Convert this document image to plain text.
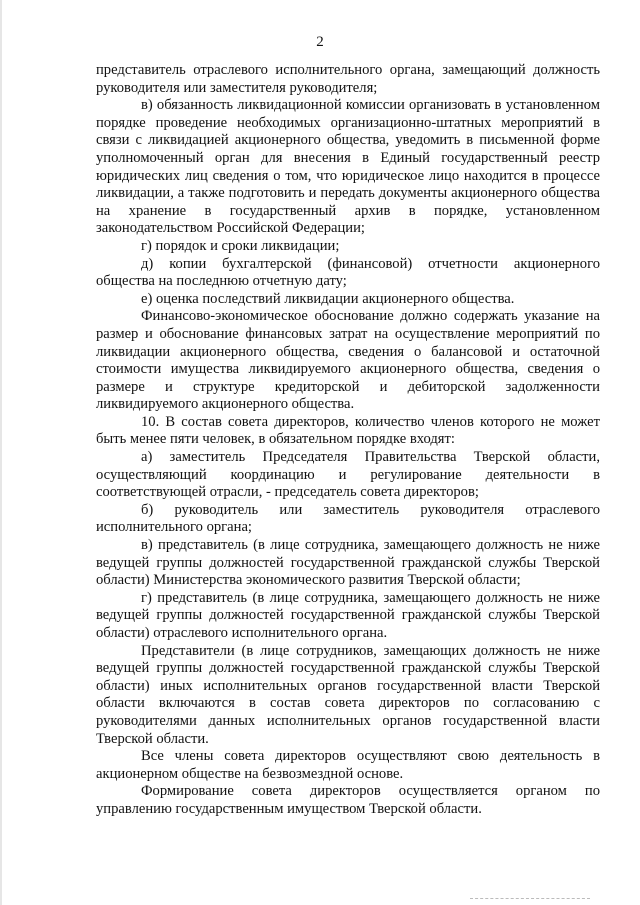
2

представитель отраслевого исполнительного органа, замещающий должность руководителя или заместителя руководителя;

в) обязанность ликвидационной комиссии организовать в установленном порядке проведение необходимых организационно-штатных мероприятий в связи с ликвидацией акционерного общества, уведомить в письменной форме уполномоченный орган для внесения в Единый государственный реестр юридических лиц сведения о том, что юридическое лицо находится в процессе ликвидации, а также подготовить и передать документы акционерного общества на хранение в государственный архив в порядке, установленном законодательством Российской Федерации;

г) порядок и сроки ликвидации;

д) копии бухгалтерской (финансовой) отчетности акционерного общества на последнюю отчетную дату;

е) оценка последствий ликвидации акционерного общества.

Финансово-экономическое обоснование должно содержать указание на размер и обоснование финансовых затрат на осуществление мероприятий по ликвидации акционерного общества, сведения о балансовой и остаточной стоимости имущества ликвидируемого акционерного общества, сведения о размере и структуре кредиторской и дебиторской задолженности ликвидируемого акционерного общества.

10. В состав совета директоров, количество членов которого не может быть менее пяти человек, в обязательном порядке входят:

а) заместитель Председателя Правительства Тверской области, осуществляющий координацию и регулирование деятельности в соответствующей отрасли, - председатель совета директоров;

б) руководитель или заместитель руководителя отраслевого исполнительного органа;

в) представитель (в лице сотрудника, замещающего должность не ниже ведущей группы должностей государственной гражданской службы Тверской области) Министерства экономического развития Тверской области;

г) представитель (в лице сотрудника, замещающего должность не ниже ведущей группы должностей государственной гражданской службы Тверской области) отраслевого исполнительного органа.

Представители (в лице сотрудников, замещающих должность не ниже ведущей группы должностей государственной гражданской службы Тверской области) иных исполнительных органов государственной власти Тверской области включаются в состав совета директоров по согласованию с руководителями данных исполнительных органов государственной власти Тверской области.

Все члены совета директоров осуществляют свою деятельность в акционерном обществе на безвозмездной основе.

Формирование совета директоров осуществляется органом по управлению государственным имуществом Тверской области.
